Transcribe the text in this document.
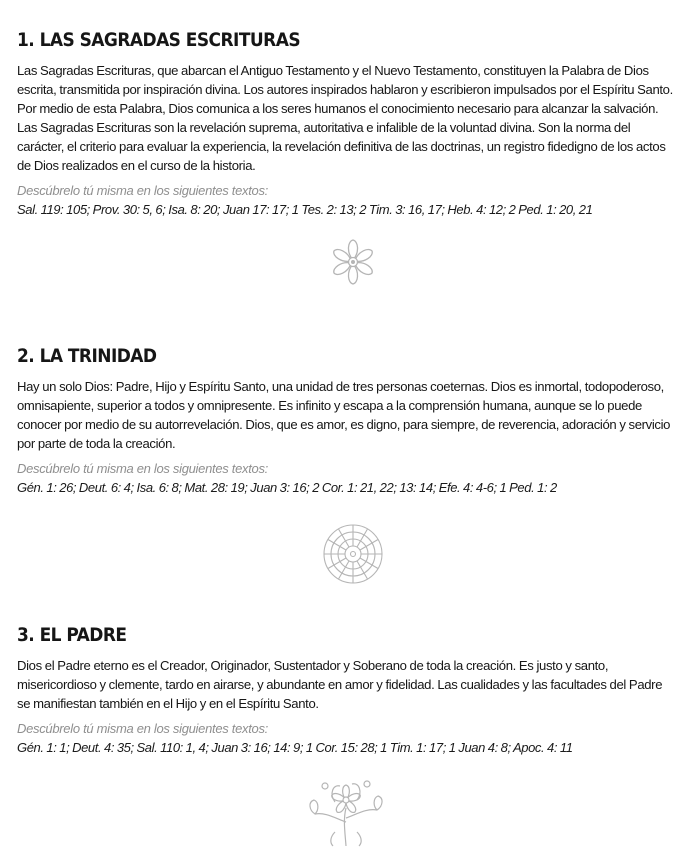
1. LAS SAGRADAS ESCRITURAS

Las Sagradas Escrituras, que abarcan el Antiguo Testamento y el Nuevo Testamento, constituyen la Palabra de Dios escrita, transmitida por inspiración divina. Los autores inspirados hablaron y escribieron impulsados por el Espíritu Santo. Por medio de esta Palabra, Dios comunica a los seres humanos el conocimiento necesario para alcanzar la salvación. Las Sagradas Escrituras son la revelación suprema, autoritativa e infalible de la voluntad divina. Son la norma del carácter, el criterio para evaluar la experiencia, la revelación definitiva de las doctrinas, un registro fidedigno de los actos de Dios realizados en el curso de la historia.

Descúbrelo tú misma en los siguientes textos:

Sal. 119: 105; Prov. 30: 5, 6; Isa. 8: 20; Juan 17: 17; 1 Tes. 2: 13; 2 Tim. 3: 16, 17; Heb. 4: 12; 2 Ped. 1: 20, 21

2. LA TRINIDAD

Hay un solo Dios: Padre, Hijo y Espíritu Santo, una unidad de tres personas coeternas. Dios es inmortal, todopoderoso, omnisapiente, superior a todos y omnipresente. Es infinito y escapa a la comprensión humana, aunque se lo puede conocer por medio de su autorrevelación. Dios, que es amor, es digno, para siempre, de reverencia, adoración y servicio por parte de toda la creación.

Descúbrelo tú misma en los siguientes textos:

Gén. 1: 26; Deut. 6: 4; Isa. 6: 8; Mat. 28: 19; Juan 3: 16; 2 Cor. 1: 21, 22; 13: 14; Efe. 4: 4-6; 1 Ped. 1: 2

3. EL PADRE

Dios el Padre eterno es el Creador, Originador, Sustentador y Soberano de toda la creación. Es justo y santo, misericordioso y clemente, tardo en airarse, y abundante en amor y fidelidad. Las cualidades y las facultades del Padre se manifiestan también en el Hijo y en el Espíritu Santo.

Descúbrelo tú misma en los siguientes textos:

Gén. 1: 1; Deut. 4: 35; Sal. 110: 1, 4; Juan 3: 16; 14: 9; 1 Cor. 15: 28; 1 Tim. 1: 17; 1 Juan 4: 8; Apoc. 4: 11
